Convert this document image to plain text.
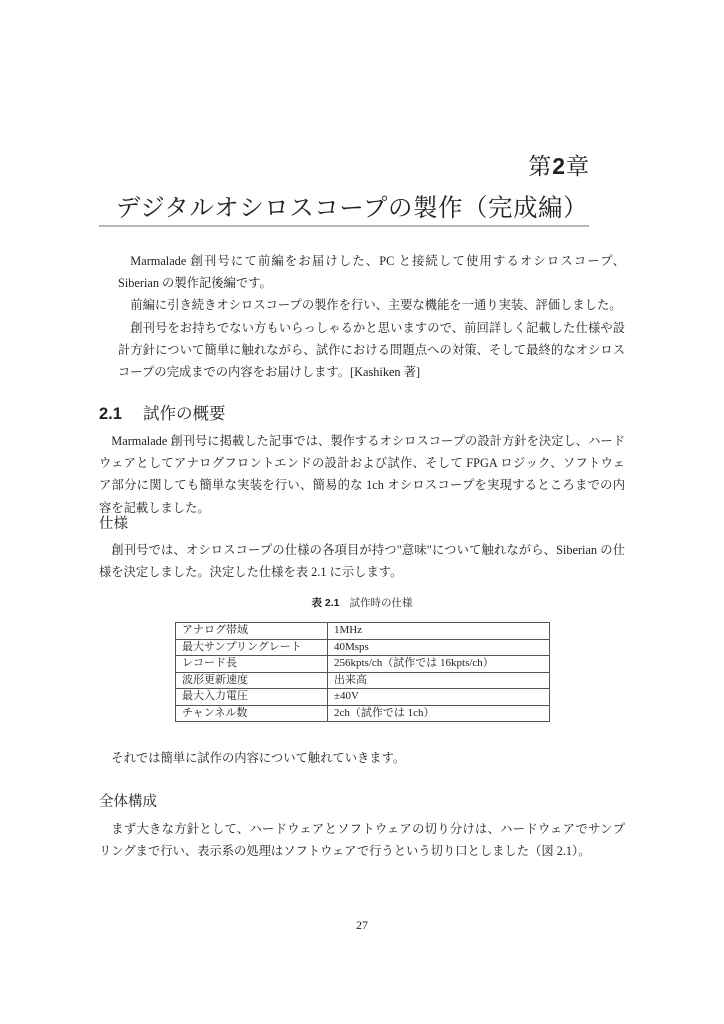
第2章
デジタルオシロスコープの製作（完成編）

Marmalade 創刊号にて前編をお届けした、PC と接続して使用するオシロスコープ、Siberian の製作記後編です。

前編に引き続きオシロスコープの製作を行い、主要な機能を一通り実装、評価しました。

創刊号をお持ちでない方もいらっしゃるかと思いますので、前回詳しく記載した仕様や設計方針について簡単に触れながら、試作における問題点への対策、そして最終的なオシロスコープの完成までの内容をお届けします。[Kashiken 著]

2.1 試作の概要

Marmalade 創刊号に掲載した記事では、製作するオシロスコープの設計方針を決定し、ハードウェアとしてアナログフロントエンドの設計および試作、そして FPGA ロジック、ソフトウェア部分に関しても簡単な実装を行い、簡易的な 1ch オシロスコープを実現するところまでの内容を記載しました。

仕様

創刊号では、オシロスコープの仕様の各項目が持つ"意味"について触れながら、Siberian の仕様を決定しました。決定した仕様を表 2.1 に示します。

表 2.1 試作時の仕様
アナログ帯域	1MHz
最大サンプリングレート	40Msps
レコード長	256kpts/ch（試作では 16kpts/ch）
波形更新速度	出来高
最大入力電圧	±40V
チャンネル数	2ch（試作では 1ch）

それでは簡単に試作の内容について触れていきます。

全体構成

まず大きな方針として、ハードウェアとソフトウェアの切り分けは、ハードウェアでサンプリングまで行い、表示系の処理はソフトウェアで行うという切り口としました（図 2.1）。

27
